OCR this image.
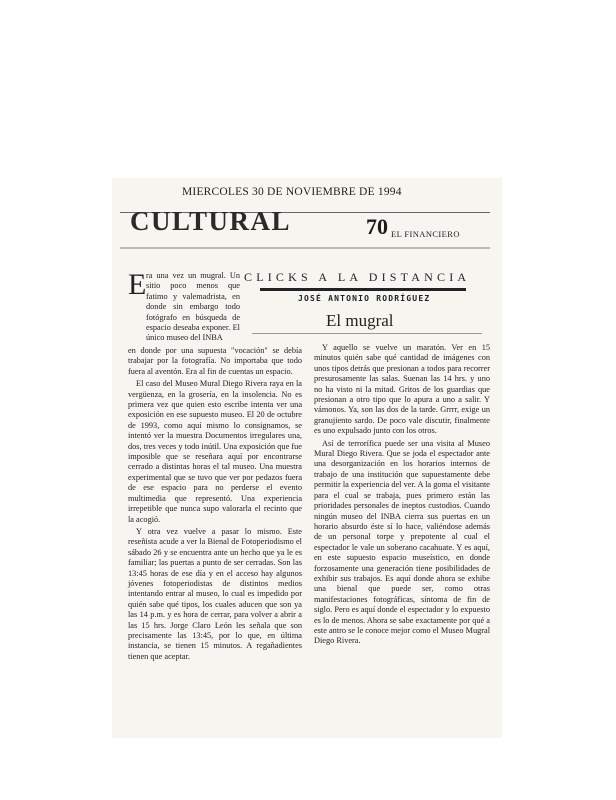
MIERCOLES 30 DE NOVIEMBRE DE 1994
CULTURAL	70 EL FINANCIERO
E ra una vez un mugral. Un sitio poco menos que fatimo y valemadrista, en donde sin embargo todo fotógrafo en búsqueda de espacio deseaba exponer. El único museo del INBA

CLICKS A LA DISTANCIA
JOSÉ ANTONIO RODRÍGUEZ
El mugral

en donde por una supuesta "vocación" se debía trabajar por la fotografía. No importaba que todo fuera al aventón. Era al fin de cuentas un espacio.

El caso del Museo Mural Diego Rivera raya en la vergüenza, en la grosería, en la insolencia. No es primera vez que quien esto escribe intenta ver una exposición en ese supuesto museo. El 20 de octubre de 1993, como aquí mismo lo consignamos, se intentó ver la muestra Documentos irregulares una, dos, tres veces y todo inútil. Una exposición que fue imposible que se reseñara aquí por encontrarse cerrado a distintas horas el tal museo. Una muestra experimental que se tuvo que ver por pedazos fuera de ese espacio para no perderse el evento multimedia que representó. Una experiencia irrepetible que nunca supo valorarla el recinto que la acogió.

Y otra vez vuelve a pasar lo mismo. Este reseñista acude a ver la Bienal de Fotoperiodismo el sábado 26 y se encuentra ante un hecho que ya le es familiar; las puertas a punto de ser cerradas. Son las 13:45 horas de ese día y en el acceso hay algunos jóvenes fotoperiodistas de distintos medios intentando entrar al museo, lo cual es impedido por quién sabe qué tipos, los cuales aducen que son ya las 14 p.m. y es hora de cerrar, para volver a abrir a las 15 hrs. Jorge Claro León les señala que son precisamente las 13:45, por lo que, en última instancia, se tienen 15 minutos. A regañadientes tienen que aceptar.

Y aquello se vuelve un maratón. Ver en 15 minutos quién sabe qué cantidad de imágenes con unos tipos detrás que presionan a todos para recorrer presurosamente las salas. Suenan las 14 hrs. y uno no ha visto ni la mitad. Gritos de los guardias que presionan a otro tipo que lo apura a uno a salir. Y vámonos. Ya, son las dos de la tarde. Grrrr, exige un granujiento sardo. De poco vale discutir, finalmente es uno expulsado junto con los otros.

Así de terrorífica puede ser una visita al Museo Mural Diego Rivera. Que se joda el espectador ante una desorganización en los horarios internos de trabajo de una institución que supuestamente debe permitir la experiencia del ver. A la goma el visitante para el cual se trabaja, pues primero están las prioridades personales de ineptos custodios. Cuando ningún museo del INBA cierra sus puertas en un horario absurdo éste sí lo hace, valiéndose además de un personal torpe y prepotente al cual el espectador le vale un soberano cacahuate. Y es aquí, en este supuesto espacio museístico, en donde forzosamente una generación tiene posibilidades de exhibir sus trabajos. Es aquí donde ahora se exhibe una bienal que puede ser, como otras manifestaciones fotográficas, síntoma de fin de siglo. Pero es aquí donde el espectador y lo expuesto es lo de menos. Ahora se sabe exactamente por qué a este antro se le conoce mejor como el Museo Mugral Diego Rivera.
